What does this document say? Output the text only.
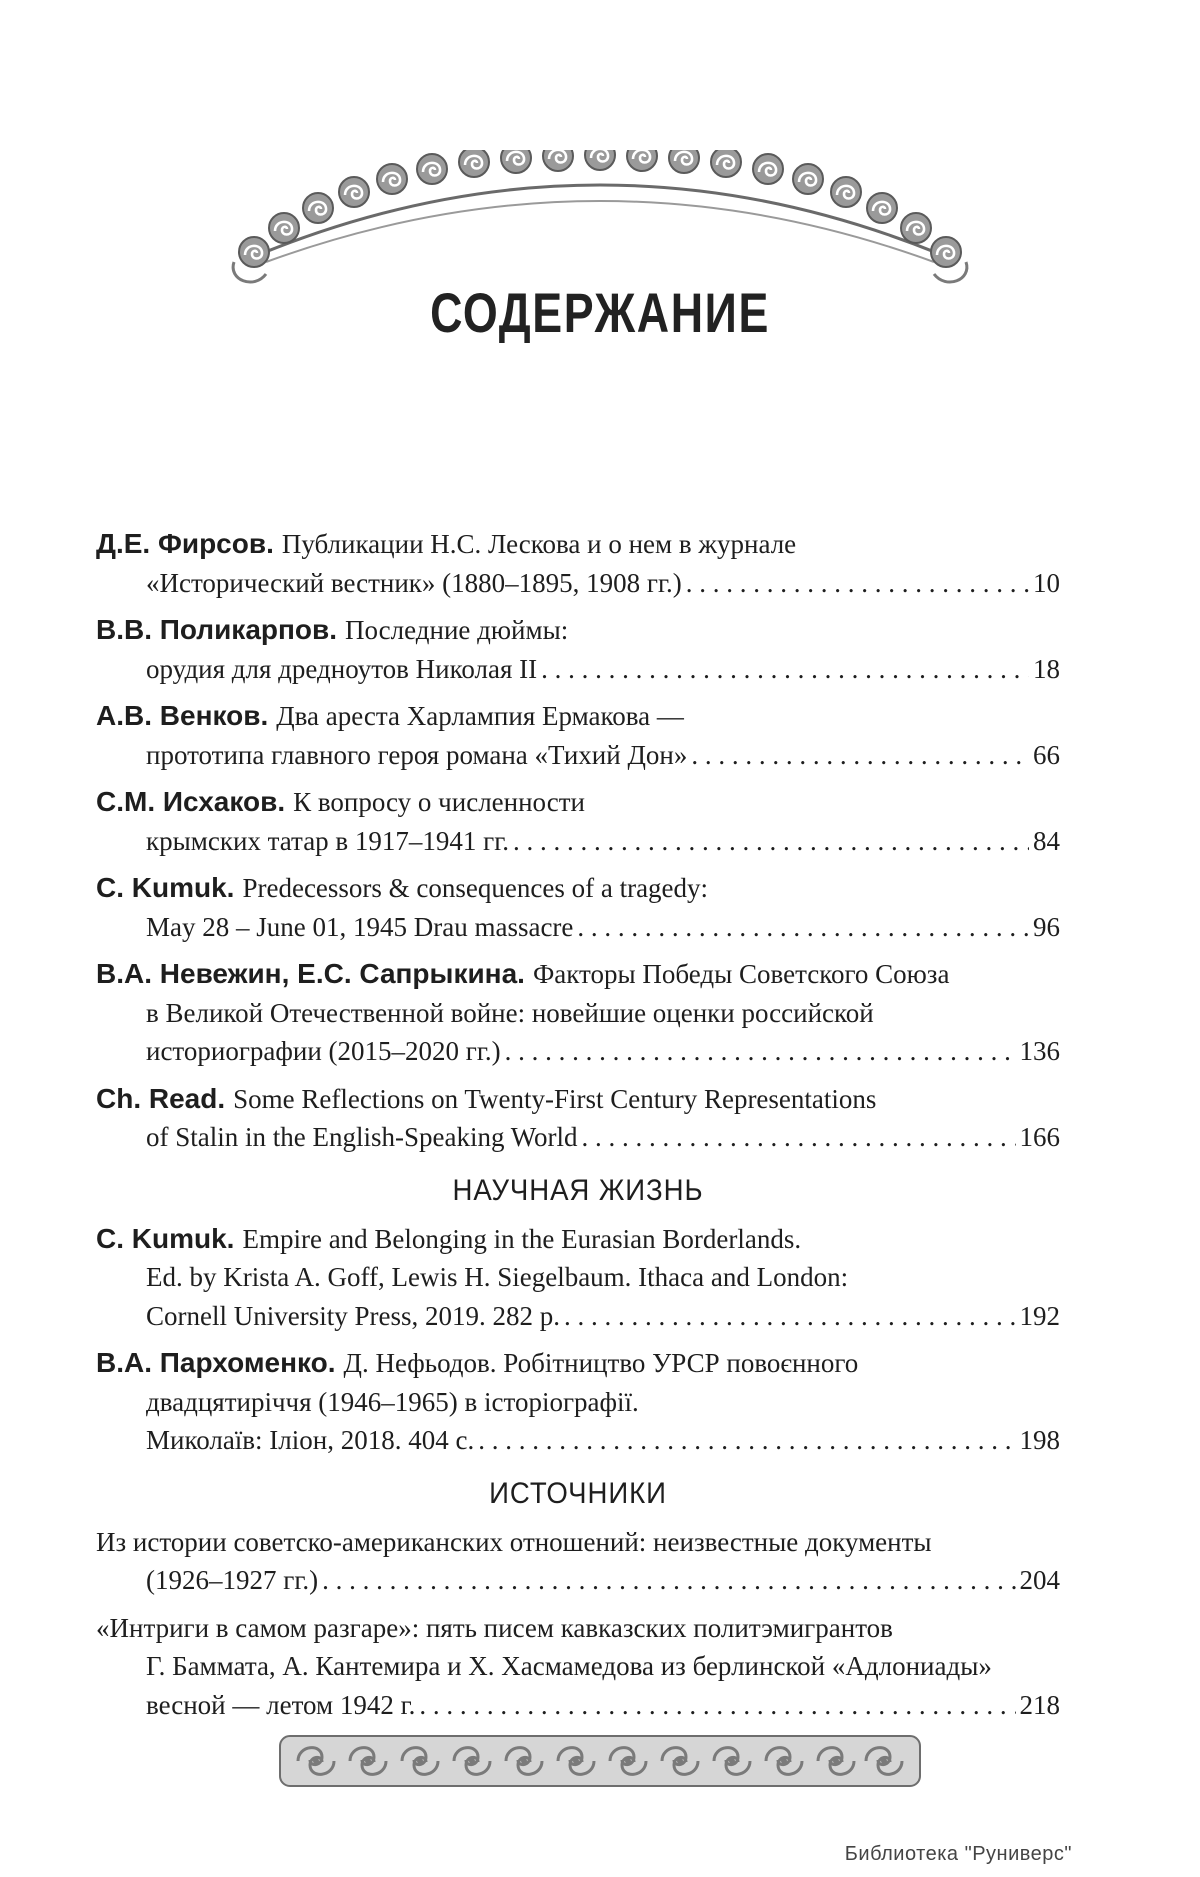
СОДЕРЖАНИЕ
Д.Е. Фирсов. Публикации Н.С. Лескова и о нем в журнале
«Исторический вестник» (1880–1895, 1908 гг.) . . .	10
В.В. Поликарпов. Последние дюймы:
орудия для дредноутов Николая II . . .	18
А.В. Венков. Два ареста Харлампия Ермакова —
прототипа главного героя романа «Тихий Дон» . . .	66
С.М. Исхаков. К вопросу о численности
крымских татар в 1917–1941 гг. . . .	84
C. Kumuk. Predecessors & consequences of a tragedy:
May 28 – June 01, 1945 Drau massacre . . .	96
В.А. Невежин, Е.С. Сапрыкина. Факторы Победы Советского Союза
в Великой Отечественной войне: новейшие оценки российской
историографии (2015–2020 гг.) . . .	136
Ch. Read. Some Reflections on Twenty-First Century Representations
of Stalin in the English-Speaking World . . .	166
НАУЧНАЯ ЖИЗНЬ
C. Kumuk. Empire and Belonging in the Eurasian Borderlands.
Ed. by Krista A. Goff, Lewis H. Siegelbaum. Ithaca and London:
Cornell University Press, 2019. 282 p. . . .	192
В.А. Пархоменко. Д. Нефьодов. Робітництво УРСР повоєнного
двадцятиріччя (1946–1965) в історіографії.
Миколаїв: Іліон, 2018. 404 с. . . .	198
ИСТОЧНИКИ
Из истории советско-американских отношений: неизвестные документы
(1926–1927 гг.) . . .	204
«Интриги в самом разгаре»: пять писем кавказских политэмигрантов
Г. Баммата, А. Кантемира и Х. Хасмамедова из берлинской «Адлониады»
весной — летом 1942 г. . . .	218
Библиотека "Руниверс"
